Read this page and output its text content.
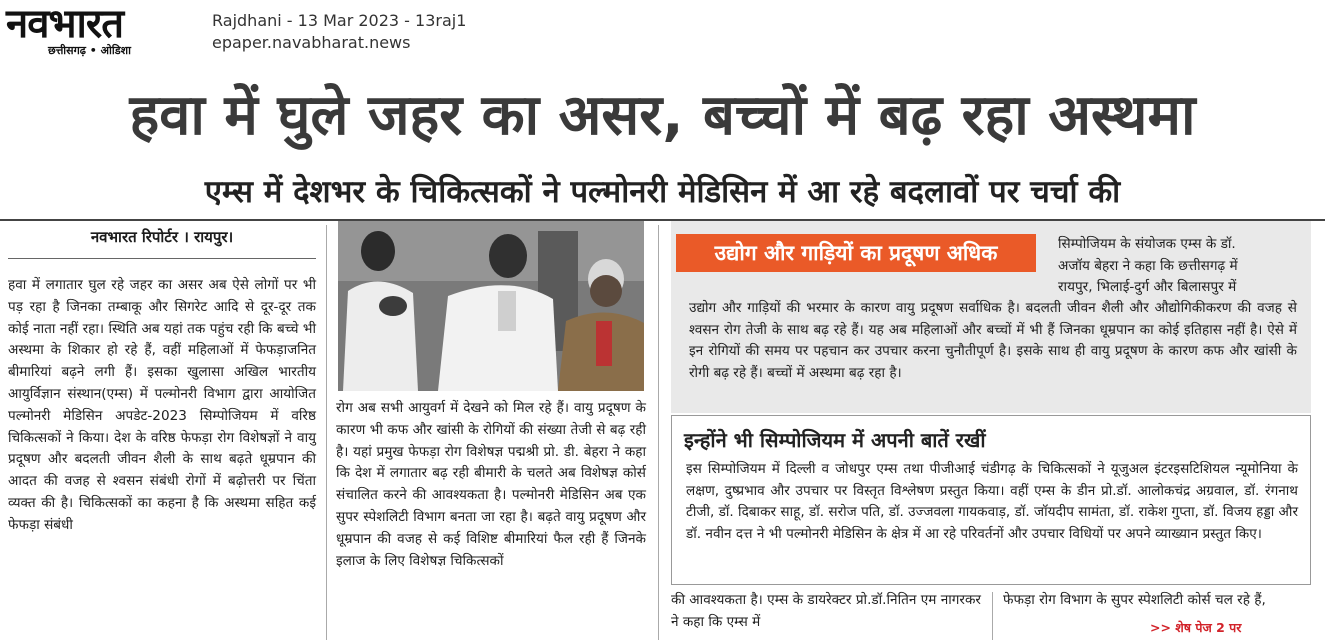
नवभारत
छत्तीसगढ़ • ओडिशा
Rajdhani - 13 Mar 2023 - 13raj1
epaper.navabharat.news
हवा में घुले जहर का असर, बच्चों में बढ़ रहा अस्थमा
एम्स में देशभर के चिकित्सकों ने पल्मोनरी मेडिसिन में आ रहे बदलावों पर चर्चा की
नवभारत रिपोर्टर । रायपुर।
हवा में लगातार घुल रहे जहर का असर अब ऐसे लोगों पर भी पड़ रहा है जिनका तम्बाकू और सिगरेट आदि से दूर-दूर तक कोई नाता नहीं रहा। स्थिति अब यहां तक पहुंच रही कि बच्चे भी अस्थमा के शिकार हो रहे हैं, वहीं महिलाओं में फेफड़ाजनित बीमारियां बढ़ने लगी हैं। इसका खुलासा अखिल भारतीय आयुर्विज्ञान संस्थान(एम्स) में पल्मोनरी विभाग द्वारा आयोजित पल्मोनरी मेडिसिन अपडेट-2023 सिम्पोजियम में वरिष्ठ चिकित्सकों ने किया। देश के वरिष्ठ फेफड़ा रोग विशेषज्ञों ने वायु प्रदूषण और बदलती जीवन शैली के साथ बढ़ते धूम्रपान की आदत की वजह से श्वसन संबंधी रोगों में बढ़ोत्तरी पर चिंता व्यक्त की है। चिकित्सकों का कहना है कि अस्थमा सहित कई फेफड़ा संबंधी
रोग अब सभी आयुवर्ग में देखने को मिल रहे हैं। वायु प्रदूषण के कारण भी कफ और खांसी के रोगियों की संख्या तेजी से बढ़ रही है। यहां प्रमुख फेफड़ा रोग विशेषज्ञ पद्मश्री प्रो. डी. बेहरा ने कहा कि देश में लगातार बढ़ रही बीमारी के चलते अब विशेषज्ञ कोर्स संचालित करने की आवश्यकता है। पल्मोनरी मेडिसिन अब एक सुपर स्पेशलिटी विभाग बनता जा रहा है। बढ़ते वायु प्रदूषण और धूम्रपान की वजह से कई विशिष्ट बीमारियां फैल रही हैं जिनके इलाज के लिए विशेषज्ञ चिकित्सकों
उद्योग और गाड़ियों का प्रदूषण अधिक	सिम्पोजियम के संयोजक एम्स के डॉ.
अजॉय बेहरा ने कहा कि छत्तीसगढ़ में
रायपुर, भिलाई-दुर्ग और बिलासपुर में
उद्योग और गाड़ियों की भरमार के कारण वायु प्रदूषण सर्वाधिक है। बदलती जीवन शैली और औद्योगिकीकरण की वजह से श्वसन रोग तेजी के साथ बढ़ रहे हैं। यह अब महिलाओं और बच्चों में भी हैं जिनका धूम्रपान का कोई इतिहास नहीं है। ऐसे में इन रोगियों की समय पर पहचान कर उपचार करना चुनौतीपूर्ण है। इसके साथ ही वायु प्रदूषण के कारण कफ और खांसी के रोगी बढ़ रहे हैं। बच्चों में अस्थमा बढ़ रहा है।
इन्होंने भी सिम्पोजियम में अपनी बातें रखीं
इस सिम्पोजियम में दिल्ली व जोधपुर एम्स तथा पीजीआई चंडीगढ़ के चिकित्सकों ने यूजुअल इंटरइसटिशियल न्यूमोनिया के लक्षण, दुष्प्रभाव और उपचार पर विस्तृत विश्लेषण प्रस्तुत किया। वहीं एम्स के डीन प्रो.डॉ. आलोकचंद्र अग्रवाल, डॉ. रंगनाथ टीजी, डॉ. दिबाकर साहू, डॉ. सरोज पति, डॉ. उज्जवला गायकवाड़, डॉ. जॉयदीप सामंता, डॉ. राकेश गुप्ता, डॉ. विजय हड्डा और डॉ. नवीन दत्त ने भी पल्मोनरी मेडिसिन के क्षेत्र में आ रहे परिवर्तनों और उपचार विधियों पर अपने व्याख्यान प्रस्तुत किए।
की आवश्यकता है। एम्स के डायरेक्टर प्रो.डॉ.नितिन एम नागरकर ने कहा कि एम्स में
फेफड़ा रोग विभाग के सुपर स्पेशलिटी कोर्स चल रहे हैं,
>> शेष पेज 2 पर
